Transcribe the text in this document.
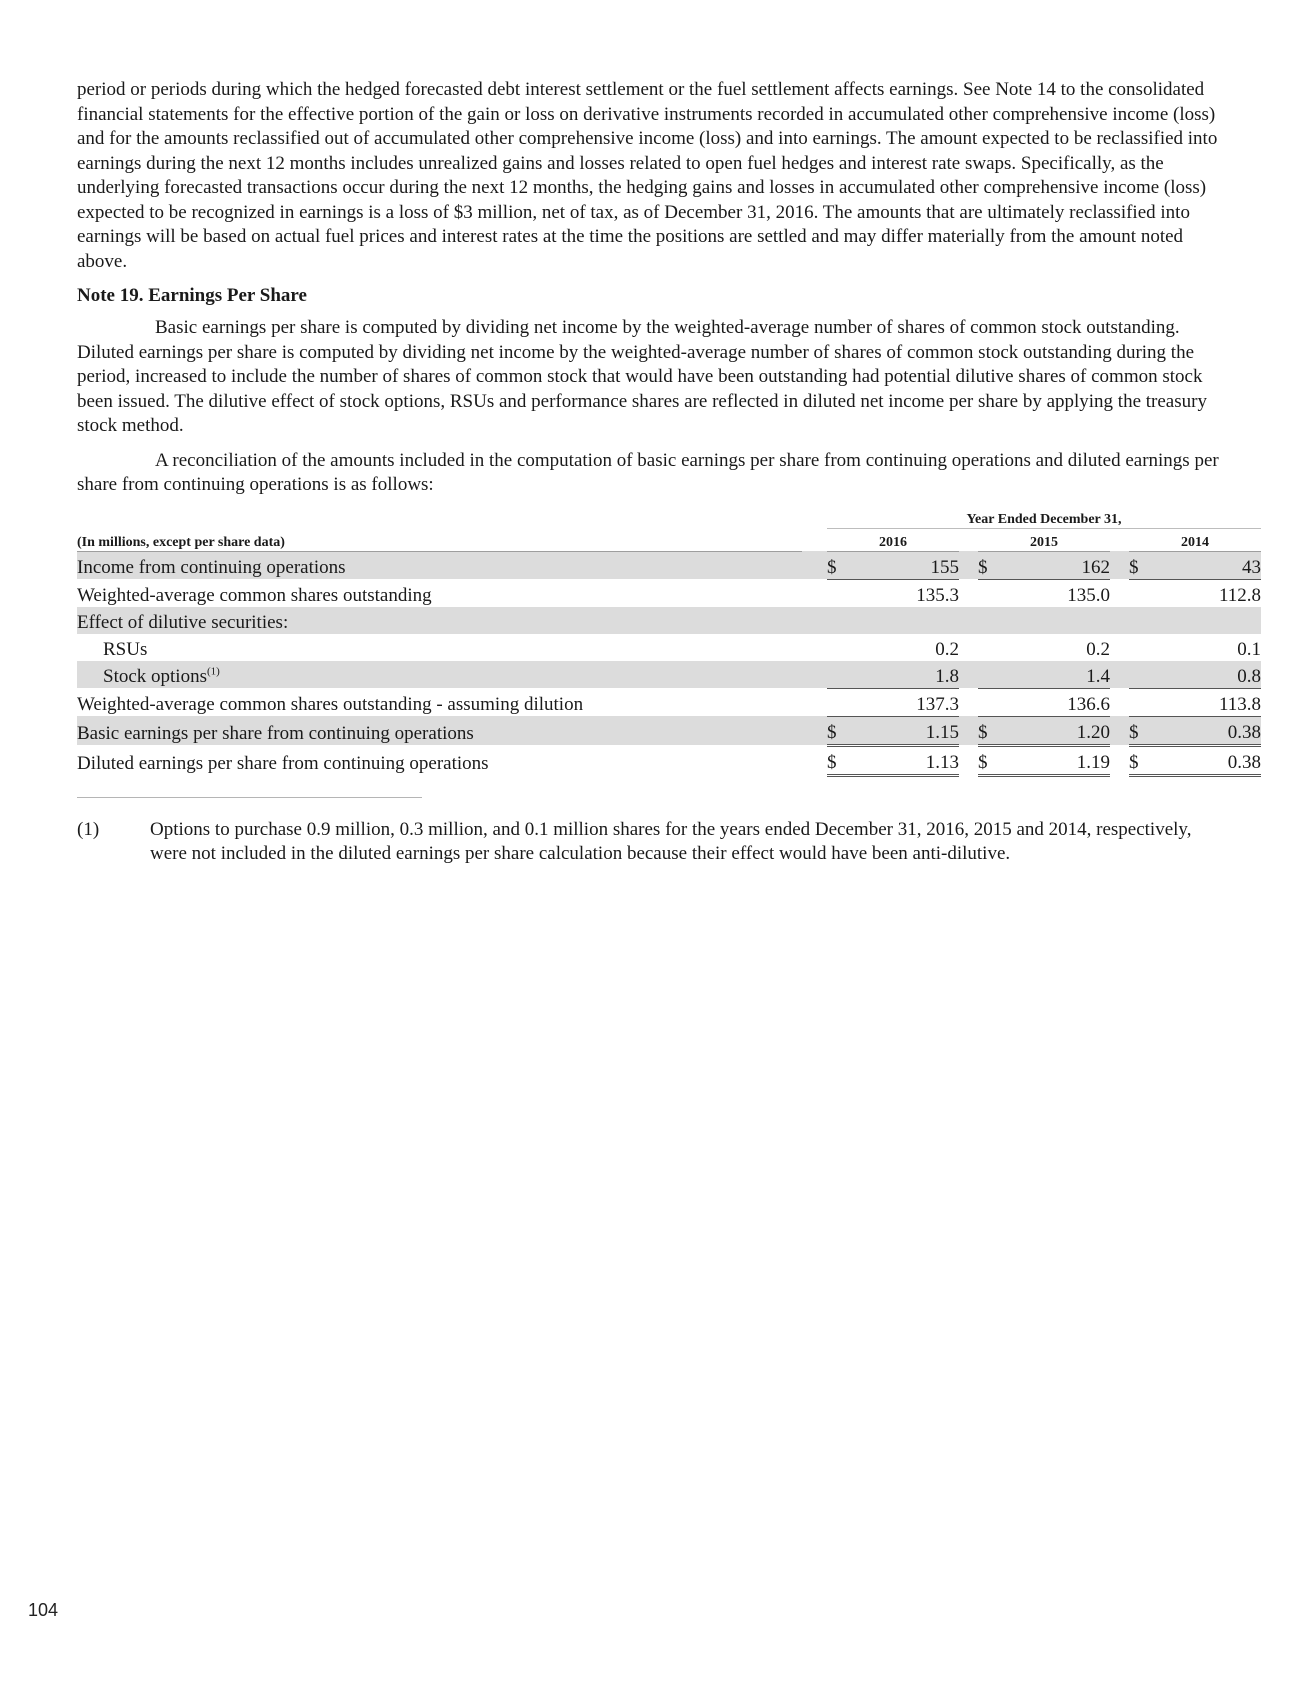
period or periods during which the hedged forecasted debt interest settlement or the fuel settlement affects earnings. See Note 14 to the consolidated financial statements for the effective portion of the gain or loss on derivative instruments recorded in accumulated other comprehensive income (loss) and for the amounts reclassified out of accumulated other comprehensive income (loss) and into earnings. The amount expected to be reclassified into earnings during the next 12 months includes unrealized gains and losses related to open fuel hedges and interest rate swaps. Specifically, as the underlying forecasted transactions occur during the next 12 months, the hedging gains and losses in accumulated other comprehensive income (loss) expected to be recognized in earnings is a loss of $3 million, net of tax, as of December 31, 2016. The amounts that are ultimately reclassified into earnings will be based on actual fuel prices and interest rates at the time the positions are settled and may differ materially from the amount noted above.

Note 19. Earnings Per Share

Basic earnings per share is computed by dividing net income by the weighted-average number of shares of common stock outstanding. Diluted earnings per share is computed by dividing net income by the weighted-average number of shares of common stock outstanding during the period, increased to include the number of shares of common stock that would have been outstanding had potential dilutive shares of common stock been issued. The dilutive effect of stock options, RSUs and performance shares are reflected in diluted net income per share by applying the treasury stock method.

A reconciliation of the amounts included in the computation of basic earnings per share from continuing operations and diluted earnings per share from continuing operations is as follows:

		Year Ended December 31,							
(In millions, except per share data)		2016			2015			2014	
Income from continuing operations		$	155		$	162		$	43
Weighted-average common shares outstanding			135.3			135.0			112.8
Effect of dilutive securities:									
RSUs			0.2			0.2			0.1
Stock options$^{(1)}$			1.8			1.4			0.8
Weighted-average common shares outstanding - assuming dilution			137.3			136.6			113.8
Basic earnings per share from continuing operations		$	1.15		$	1.20		$	0.38
Diluted earnings per share from continuing operations		$	1.13		$	1.19		$	0.38
(1)	Options to purchase 0.9 million, 0.3 million, and 0.1 million shares for the years ended December 31, 2016, 2015 and 2014, respectively, were not included in the diluted earnings per share calculation because their effect would have been anti-dilutive.
104
